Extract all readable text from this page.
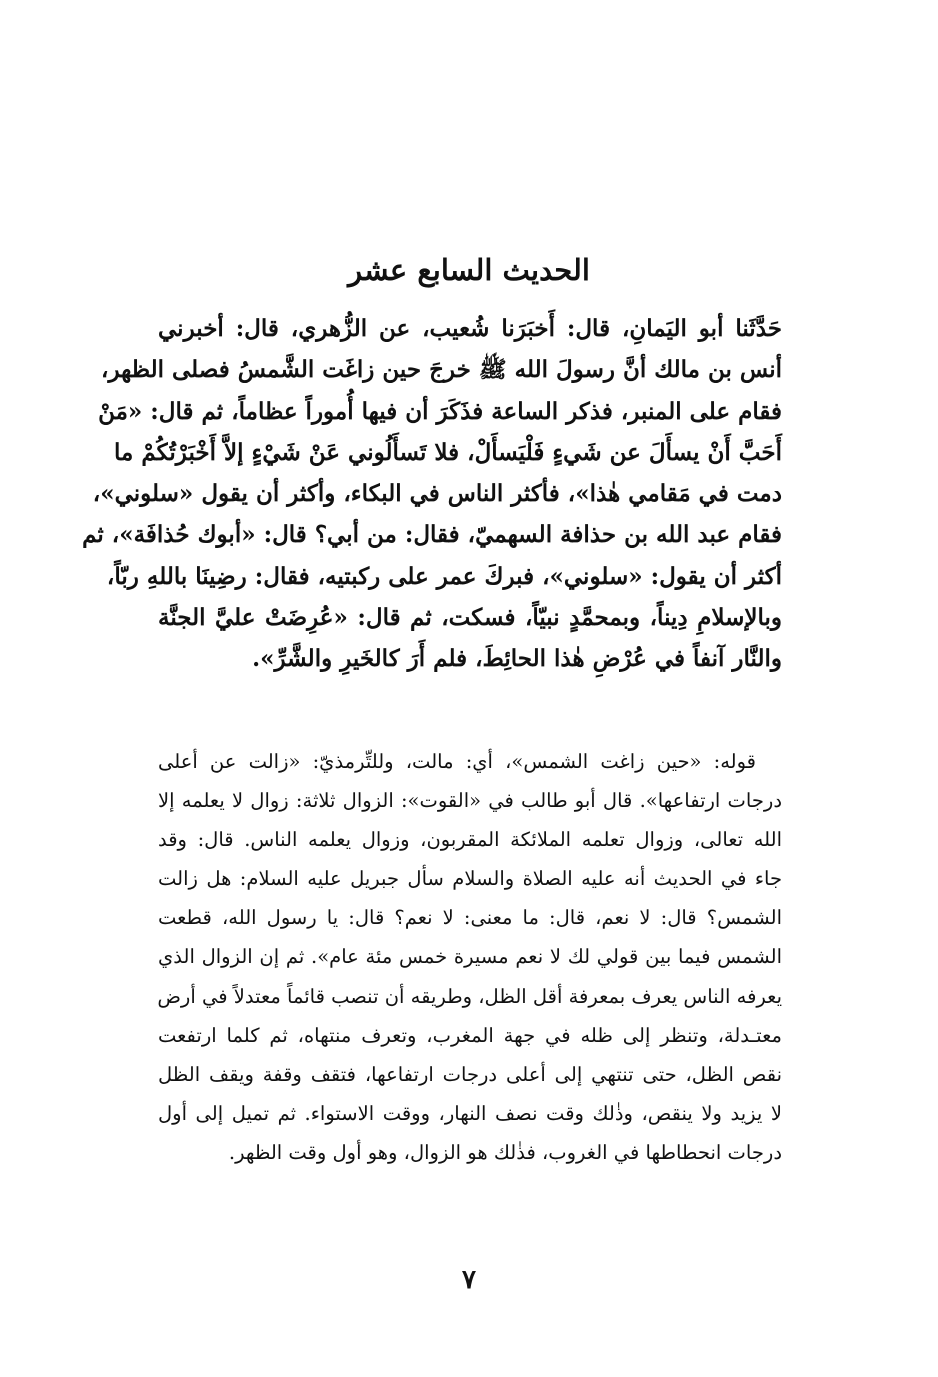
الحديث السابع عشر
حَدَّثَنا أبو اليَمانِ، قال: أَخبَرَنا شُعيب، عن الزُّهري، قال: أخبرني
أنس بن مالك أنَّ رسولَ الله ﷺ خرجَ حين زاغَت الشَّمسُ فصلى الظهر،
فقام على المنبر، فذكر الساعة فذَكَرَ أن فيها أُموراً عظاماً، ثم قال: «مَنْ
أَحَبَّ أَنْ يسأَلَ عن شَيءٍ فَلْيَسأَلْ، فلا تَسأَلُوني عَنْ شَيْءٍ إلاَّ أَخْبَرْتُكُمْ ما
دمت في مَقامي هٰذا»، فأكثر الناس في البكاء، وأكثر أن يقول «سلوني»،
فقام عبد الله بن حذافة السهميّ، فقال: من أبي؟ قال: «أبوك حُذافَة»، ثم
أكثر أن يقول: «سلوني»، فبركَ عمر على ركبتيه، فقال: رضِينَا باللهِ ربّاً،
وبالإسلامِ دِيناً، وبمحمَّدٍ نبيّاً، فسكت، ثم قال: «عُرِضَتْ عليَّ الجنَّة
والنَّار آنفاً في عُرْضِ هٰذا الحائِطَ، فلم أَرَ كالخَيرِ والشَّرِّ».
قوله: «حين زاغت الشمس»، أي: مالت، وللتِّرمذيّ: «زالت عن أعلى
درجات ارتفاعها». قال أبو طالب في «القوت»: الزوال ثلاثة: زوال لا يعلمه إلا
الله تعالى، وزوال تعلمه الملائكة المقربون، وزوال يعلمه الناس. قال: وقد
جاء في الحديث أنه عليه الصلاة والسلام سأل جبريل عليه السلام: هل زالت
الشمس؟ قال: لا نعم، قال: ما معنى: لا نعم؟ قال: يا رسول الله، قطعت
الشمس فيما بين قولي لك لا نعم مسيرة خمس مئة عام». ثم إن الزوال الذي
يعرفه الناس يعرف بمعرفة أقل الظل، وطريقه أن تنصب قائماً معتدلاً في أرض
معتـدلة، وتنظر إلى ظله في جهة المغرب، وتعرف منتهاه، ثم كلما ارتفعت
نقص الظل، حتى تنتهي إلى أعلى درجات ارتفاعها، فتقف وقفة ويقف الظل
لا يزيد ولا ينقص، وذٰلك وقت نصف النهار، ووقت الاستواء. ثم تميل إلى أول
درجات انحطاطها في الغروب، فذٰلك هو الزوال، وهو أول وقت الظهر.
٧
